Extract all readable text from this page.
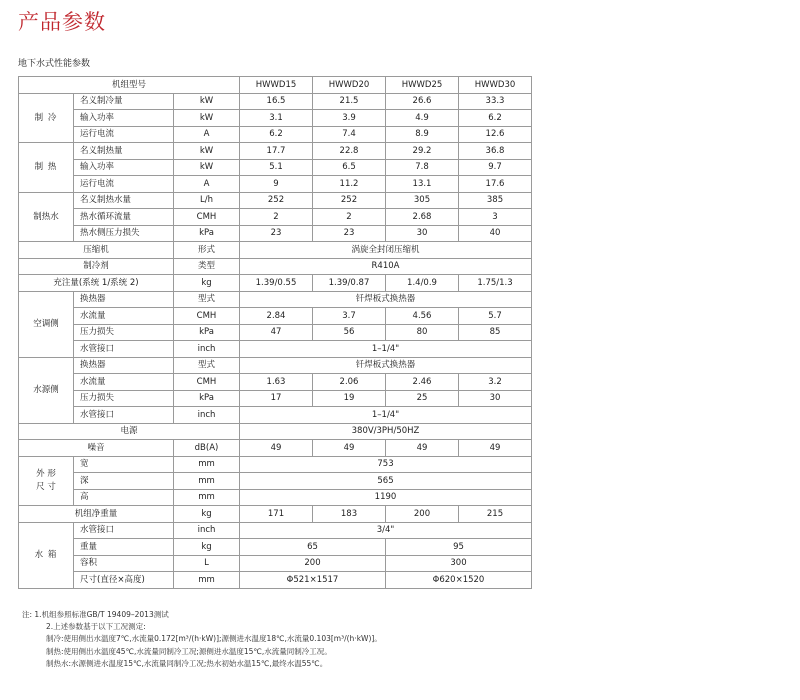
产品参数
地下水式性能参数
机组型号			HWWD15	HWWD20	HWWD25	HWWD30
制 冷	名义制冷量	kW	16.5	21.5	26.6	33.3
	输入功率	kW	3.1	3.9	4.9	6.2
	运行电流	A	6.2	7.4	8.9	12.6
制 热	名义制热量	kW	17.7	22.8	29.2	36.8
	输入功率	kW	5.1	6.5	7.8	9.7
	运行电流	A	9	11.2	13.1	17.6
制热水	名义制热水量	L/h	252	252	305	385
	热水循环流量	CMH	2	2	2.68	3
	热水侧压力损失	kPa	23	23	30	40
压缩机		形式	涡旋全封闭压缩机			
制冷剂		类型	R410A			
充注量(系统 1/系统 2)		kg	1.39/0.55	1.39/0.87	1.4/0.9	1.75/1.3
空调侧	换热器	型式	钎焊板式换热器			
	水流量	CMH	2.84	3.7	4.56	5.7
	压力损失	kPa	47	56	80	85
	水管接口	inch	1–1/4"			
水源侧	换热器	型式	钎焊板式换热器			
	水流量	CMH	1.63	2.06	2.46	3.2
	压力损失	kPa	17	19	25	30
	水管接口	inch	1–1/4"			
电源			380V/3PH/50HZ			
噪音		dB(A)	49	49	49	49
外 形
尺 寸	宽	mm	753			
	深	mm	565			
	高	mm	1190			
机组净重量		kg	171	183	200	215
水 箱	水管接口	inch	3/4"			
	重量	kg	65		95	
	容积	L	200		300	
	尺寸(直径×高度)	mm	Φ521×1517		Φ620×1520	
注: 1.机组参照标准GB/T 19409–2013测试
2.上述参数基于以下工况测定:
制冷:使用侧出水温度7℃,水流量0.172[m³/(h·kW)];源侧进水温度18℃,水流量0.103[m³/(h·kW)]。
制热:使用侧出水温度45℃,水流量同制冷工况;源侧进水温度15℃,水流量同制冷工况。
制热水:水源侧进水温度15℃,水流量同制冷工况;热水初始水温15℃,最终水温55℃。
